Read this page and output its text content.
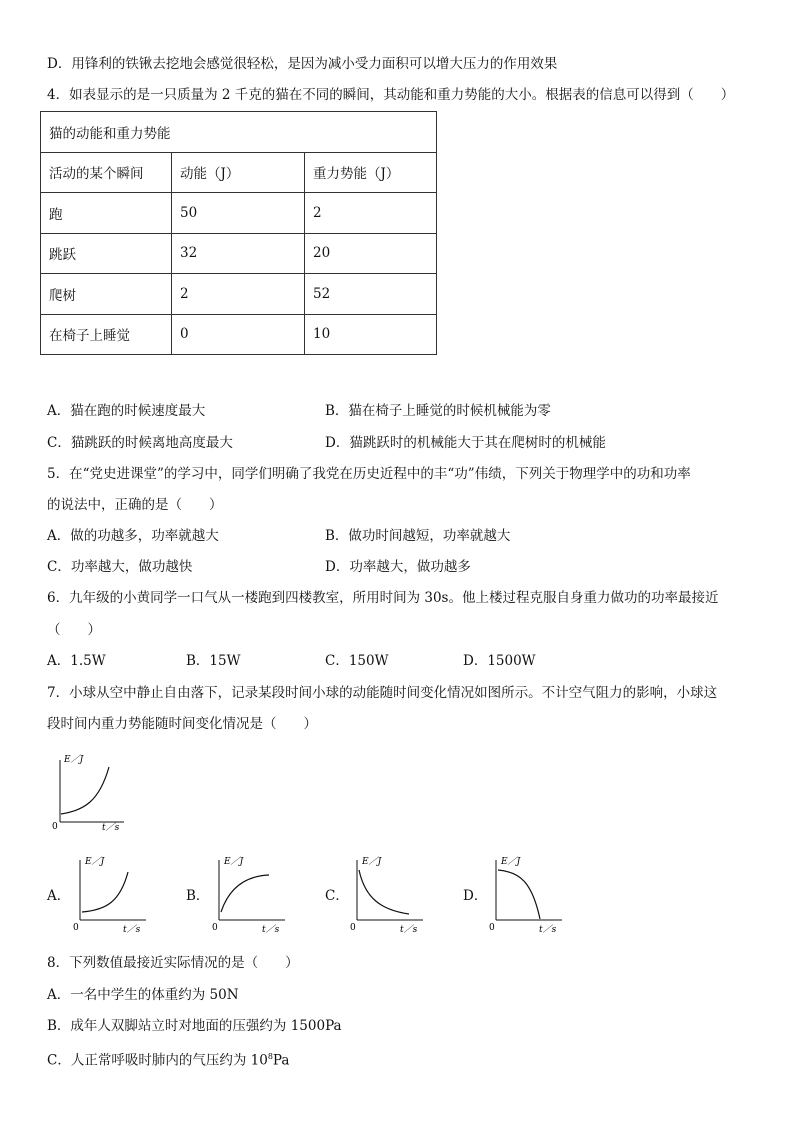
D．用锋利的铁锹去挖地会感觉很轻松，是因为减小受力面积可以增大压力的作用效果
4．如表显示的是一只质量为 2 千克的猫在不同的瞬间，其动能和重力势能的大小。根据表的信息可以得到（　　）
猫的动能和重力势能		
活动的某个瞬间	动能（J）	重力势能（J）
跑	50	2
跳跃	32	20
爬树	2	52
在椅子上睡觉	0	10
A．猫在跑的时候速度最大	B．猫在椅子上睡觉的时候机械能为零
C．猫跳跃的时候离地高度最大	D．猫跳跃时的机械能大于其在爬树时的机械能
5．在“党史进课堂”的学习中，同学们明确了我党在历史近程中的丰“功”伟绩，下列关于物理学中的功和功率
的说法中，正确的是（　　）
A．做的功越多，功率就越大	B．做功时间越短，功率就越大
C．功率越大，做功越快	D．功率越大，做功越多
6．九年级的小黄同学一口气从一楼跑到四楼教室，所用时间为 30s。他上楼过程克服自身重力做功的功率最接近
（　　）
A．1.5W	B．15W	C．150W	D．1500W
7．小球从空中静止自由落下，记录某段时间小球的动能随时间变化情况如图所示。不计空气阻力的影响，小球这
段时间内重力势能随时间变化情况是（　　）
E／J
t／s
0
A．
E／J
t／s
0
B．
E／J
t／s
0
C．
E／J
t／s
0
D．
E／J
t／s
0
8．下列数值最接近实际情况的是（　　）
A．一名中学生的体重约为 50N
B．成年人双脚站立时对地面的压强约为 1500Pa
C．人正常呼吸时肺内的气压约为 $10^8Pa$
